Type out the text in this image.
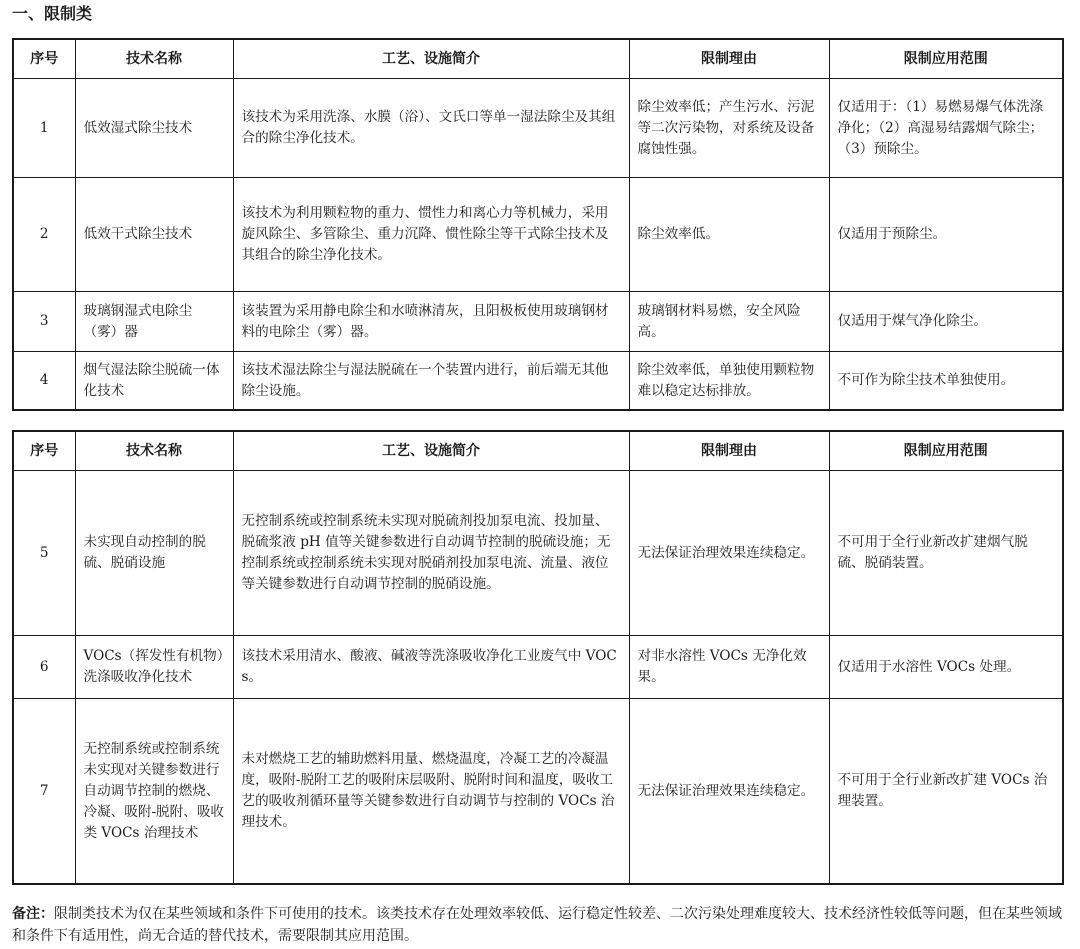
一、限制类
序号	技术名称	工艺、设施简介	限制理由	限制应用范围
1	低效湿式除尘技术	该技术为采用洗涤、水膜（浴）、文氏口等单一湿法除尘及其组合的除尘净化技术。	除尘效率低；产生污水、污泥等二次污染物，对系统及设备腐蚀性强。	仅适用于：（1）易燃易爆气体洗涤净化；（2）高湿易结露烟气除尘；（3）预除尘。
2	低效干式除尘技术	该技术为利用颗粒物的重力、惯性力和离心力等机械力，采用旋风除尘、多管除尘、重力沉降、惯性除尘等干式除尘技术及其组合的除尘净化技术。	除尘效率低。	仅适用于预除尘。
3	玻璃钢湿式电除尘（雾）器	该装置为采用静电除尘和水喷淋清灰，且阳极板使用玻璃钢材料的电除尘（雾）器。	玻璃钢材料易燃，安全风险高。	仅适用于煤气净化除尘。
4	烟气湿法除尘脱硫一体化技术	该技术湿法除尘与湿法脱硫在一个装置内进行，前后端无其他除尘设施。	除尘效率低，单独使用颗粒物难以稳定达标排放。	不可作为除尘技术单独使用。
序号	技术名称	工艺、设施简介	限制理由	限制应用范围
5	未实现自动控制的脱硫、脱硝设施	无控制系统或控制系统未实现对脱硫剂投加泵电流、投加量、脱硫浆液 pH 值等关键参数进行自动调节控制的脱硫设施；无控制系统或控制系统未实现对脱硝剂投加泵电流、流量、液位等关键参数进行自动调节控制的脱硝设施。	无法保证治理效果连续稳定。	不可用于全行业新改扩建烟气脱硫、脱硝装置。
6	VOCs（挥发性有机物）洗涤吸收净化技术	该技术采用清水、酸液、碱液等洗涤吸收净化工业废气中 VOCs。	对非水溶性 VOCs 无净化效果。	仅适用于水溶性 VOCs 处理。
7	无控制系统或控制系统未实现对关键参数进行自动调节控制的燃烧、冷凝、吸附-脱附、吸收类 VOCs 治理技术	未对燃烧工艺的辅助燃料用量、燃烧温度，冷凝工艺的冷凝温度，吸附-脱附工艺的吸附床层吸附、脱附时间和温度，吸收工艺的吸收剂循环量等关键参数进行自动调节与控制的 VOCs 治理技术。	无法保证治理效果连续稳定。	不可用于全行业新改扩建 VOCs 治理装置。
备注：限制类技术为仅在某些领域和条件下可使用的技术。该类技术存在处理效率较低、运行稳定性较差、二次污染处理难度较大、技术经济性较低等问题，但在某些领域和条件下有适用性，尚无合适的替代技术，需要限制其应用范围。
